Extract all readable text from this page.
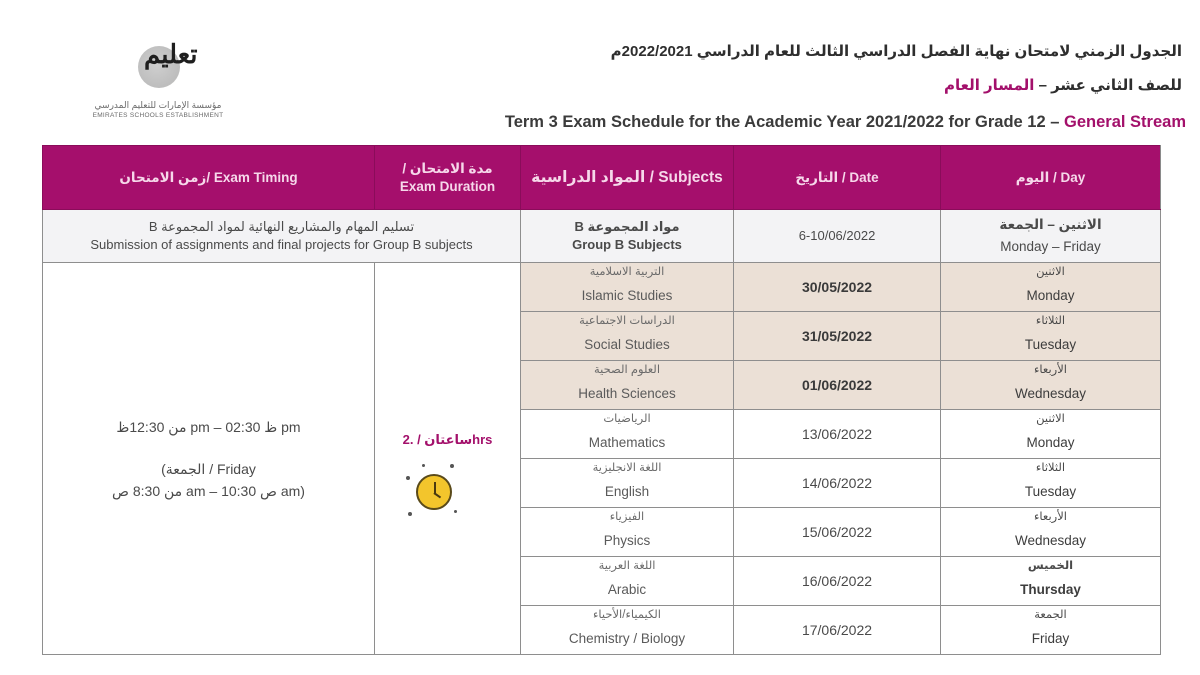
تعليم
مؤسسة الإمارات للتعليم المدرسي
EMIRATES SCHOOLS ESTABLISHMENT
الجدول الزمني لامتحان نهاية الفصل الدراسي الثالث للعام الدراسي 2022/2021م
للصف الثاني عشر – المسار العام
Term 3 Exam Schedule for the Academic Year 2021/2022 for Grade 12 – General Stream
زمن الامتحان/ Exam Timing	مدة الامتحان /
Exam Duration	المواد الدراسية / Subjects	التاريخ / Date	اليوم / Day

تسليم المهام والمشاريع النهائية لمواد المجموعة B
Submission of assignments and final projects for Group B subjects		مواد المجموعة B
Group B Subjects	6-10/06/2022	الاثنين – الجمعة
Monday – Friday

من 12:30ظ pm – 02:30 ظ pm
(الجمعة / Friday
من 8:30 ص am – 10:30 ص am)	ساعتان / .2hrs	التربية الاسلامية
Islamic Studies	30/05/2022	الاثنين
Monday

		الدراسات الاجتماعية
Social Studies	31/05/2022	الثلاثاء
Tuesday

		العلوم الصحية
Health Sciences	01/06/2022	الأربعاء
Wednesday

		الرياضيات
Mathematics	13/06/2022	الاثنين
Monday

		اللغة الانجليزية
English	14/06/2022	الثلاثاء
Tuesday

		الفيزياء
Physics	15/06/2022	الأربعاء
Wednesday

		اللغة العربية
Arabic	16/06/2022	الخميس
Thursday

		الكيمياء/الأحياء
Chemistry / Biology	17/06/2022	الجمعة
Friday
